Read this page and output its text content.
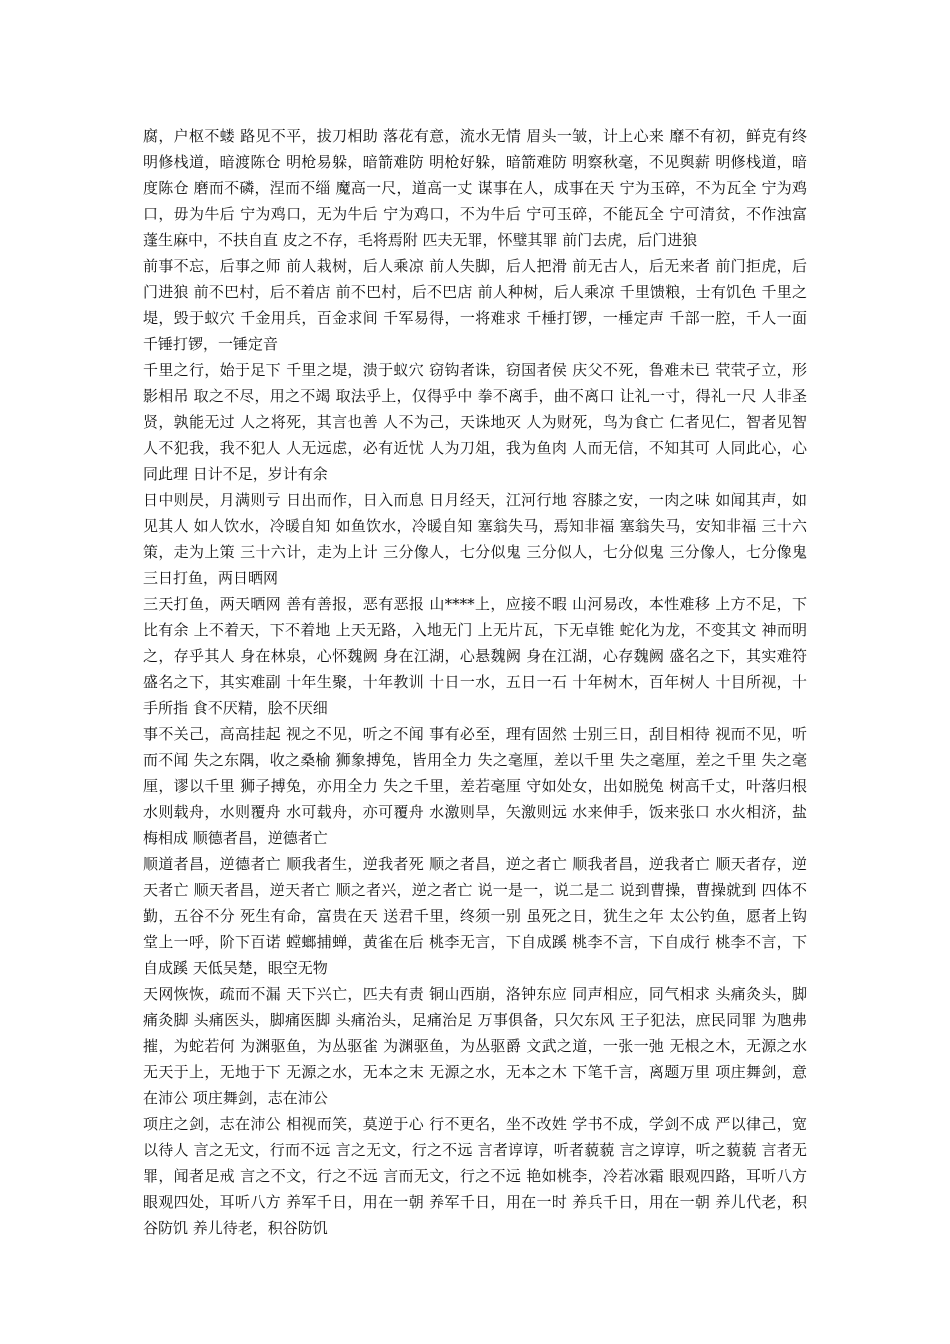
腐，户枢不蝼 路见不平，拔刀相助 落花有意，流水无情 眉头一皱，计上心来 靡不有初，鲜克有终 明修栈道，暗渡陈仓 明枪易躲，暗箭难防 明枪好躲，暗箭难防 明察秋毫，不见舆薪 明修栈道，暗度陈仓 磨而不磷，涅而不缁 魔高一尺，道高一丈 谋事在人，成事在天 宁为玉碎，不为瓦全 宁为鸡口，毋为牛后 宁为鸡口，无为牛后 宁为鸡口，不为牛后 宁可玉碎，不能瓦全 宁可清贫，不作浊富 蓬生麻中，不扶自直 皮之不存，毛将焉附 匹夫无罪，怀璧其罪 前门去虎，后门进狼

前事不忘，后事之师 前人栽树，后人乘凉 前人失脚，后人把滑 前无古人，后无来者 前门拒虎，后门进狼 前不巴村，后不着店 前不巴村，后不巴店 前人种树，后人乘凉 千里馈粮，士有饥色 千里之堤，毁于蚁穴 千金用兵，百金求间 千军易得，一将难求 千棰打锣，一棰定声 千部一腔，千人一面 千锤打锣，一锤定音

千里之行，始于足下 千里之堤，溃于蚁穴 窃钩者诛，窃国者侯 庆父不死，鲁难未已 茕茕孑立，形影相吊 取之不尽，用之不竭 取法乎上，仅得乎中 拳不离手，曲不离口 让礼一寸，得礼一尺 人非圣贤，孰能无过 人之将死，其言也善 人不为己，天诛地灭 人为财死，鸟为食亡 仁者见仁，智者见智 人不犯我，我不犯人 人无远虑，必有近忧 人为刀俎，我为鱼肉 人而无信，不知其可 人同此心，心同此理 日计不足，岁计有余

日中则昃，月满则亏 日出而作，日入而息 日月经天，江河行地 容膝之安，一肉之味 如闻其声，如见其人 如人饮水，冷暖自知 如鱼饮水，冷暖自知 塞翁失马，焉知非福 塞翁失马，安知非福 三十六策，走为上策 三十六计，走为上计 三分像人，七分似鬼 三分似人，七分似鬼 三分像人，七分像鬼 三日打鱼，两日晒网

三天打鱼，两天晒网 善有善报，恶有恶报 山****上，应接不暇 山河易改，本性难移 上方不足，下比有余 上不着天，下不着地 上天无路，入地无门 上无片瓦，下无卓锥 蛇化为龙，不变其文 神而明之，存乎其人 身在林泉，心怀魏阙 身在江湖，心悬魏阙 身在江湖，心存魏阙 盛名之下，其实难符 盛名之下，其实难副 十年生聚，十年教训 十日一水，五日一石 十年树木，百年树人 十目所视，十手所指 食不厌精，脍不厌细

事不关己，高高挂起 视之不见，听之不闻 事有必至，理有固然 士别三日，刮目相待 视而不见，听而不闻 失之东隅，收之桑榆 狮象搏兔，皆用全力 失之毫厘，差以千里 失之毫厘，差之千里 失之毫厘，谬以千里 狮子搏兔，亦用全力 失之千里，差若毫厘 守如处女，出如脱兔 树高千丈，叶落归根 水则载舟，水则覆舟 水可载舟，亦可覆舟 水激则旱，矢激则远 水来伸手，饭来张口 水火相济，盐梅相成 顺德者昌，逆德者亡

顺道者昌，逆德者亡 顺我者生，逆我者死 顺之者昌，逆之者亡 顺我者昌，逆我者亡 顺天者存，逆天者亡 顺天者昌，逆天者亡 顺之者兴，逆之者亡 说一是一，说二是二 说到曹操，曹操就到 四体不勤，五谷不分 死生有命，富贵在天 送君千里，终须一别 虽死之日，犹生之年 太公钓鱼，愿者上钩 堂上一呼，阶下百诺 螳螂捕蝉，黄雀在后 桃李无言，下自成蹊 桃李不言，下自成行 桃李不言，下自成蹊 天低吴楚，眼空无物

天网恢恢，疏而不漏 天下兴亡，匹夫有责 铜山西崩，洛钟东应 同声相应，同气相求 头痛灸头，脚痛灸脚 头痛医头，脚痛医脚 头痛治头，足痛治足 万事俱备，只欠东风 王子犯法，庶民同罪 为虺弗摧，为蛇若何 为渊驱鱼，为丛驱雀 为渊驱鱼，为丛驱爵 文武之道，一张一弛 无根之木，无源之水 无天于上，无地于下 无源之水，无本之末 无源之水，无本之木 下笔千言，离题万里 项庄舞剑，意在沛公 项庄舞剑，志在沛公

项庄之剑，志在沛公 相视而笑，莫逆于心 行不更名，坐不改姓 学书不成，学剑不成 严以律己，宽以待人 言之无文，行而不远 言之无文，行之不远 言者谆谆，听者藐藐 言之谆谆，听之藐藐 言者无罪，闻者足戒 言之不文，行之不远 言而无文，行之不远 艳如桃李，冷若冰霜 眼观四路，耳听八方 眼观四处，耳听八方 养军千日，用在一朝 养军千日，用在一时 养兵千日，用在一朝 养儿代老，积谷防饥 养儿待老，积谷防饥
